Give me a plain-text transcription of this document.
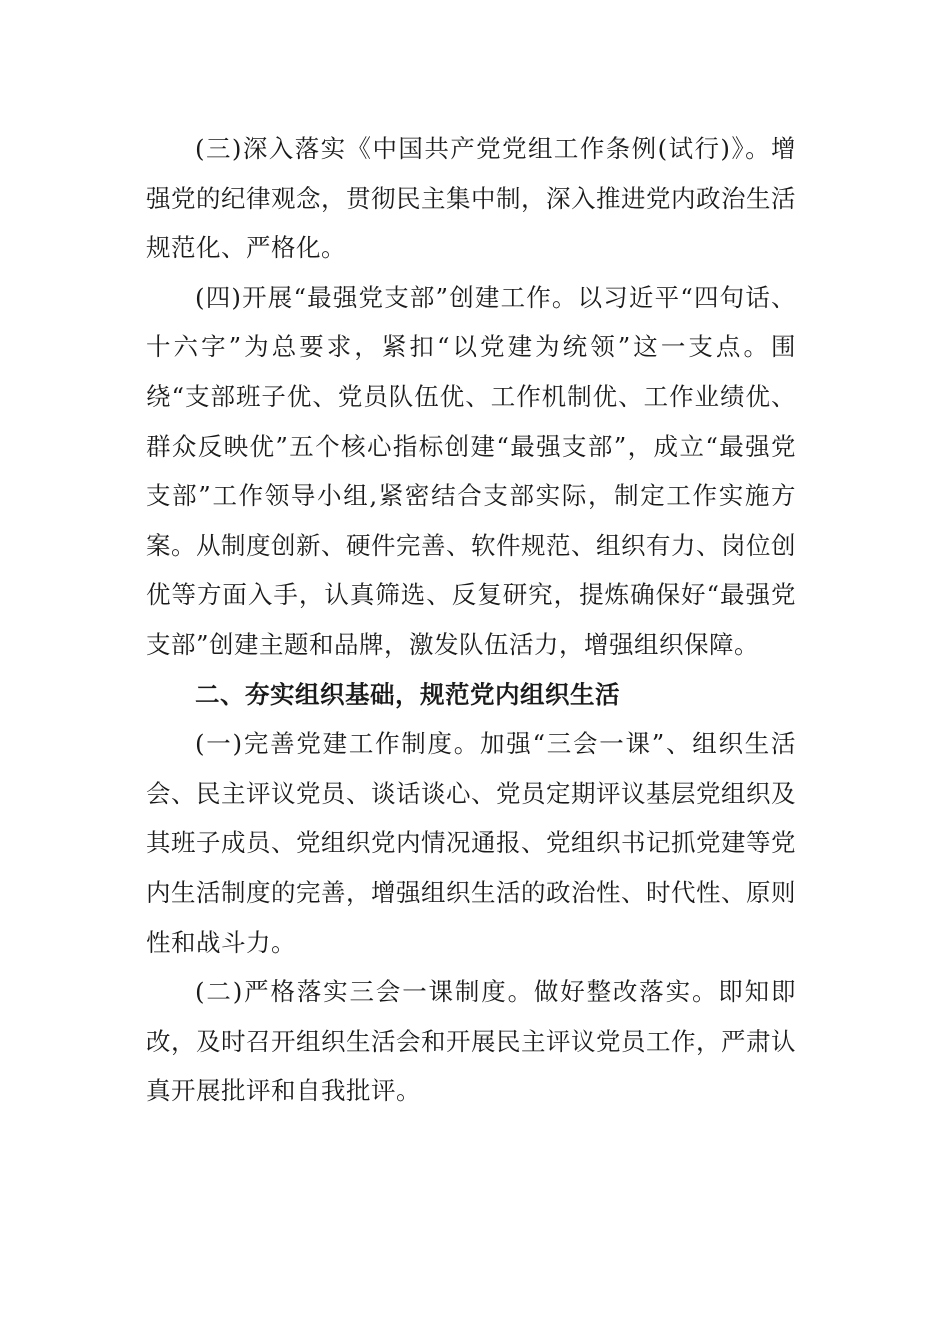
(三)深入落实《中国共产党党组工作条例(试行)》。增强党的纪律观念，贯彻民主集中制，深入推进党内政治生活规范化、严格化。

(四)开展“最强党支部”创建工作。以习近平“四句话、十六字”为总要求，紧扣“以党建为统领”这一支点。围绕“支部班子优、党员队伍优、工作机制优、工作业绩优、群众反映优”五个核心指标创建“最强支部”，成立“最强党支部”工作领导小组,紧密结合支部实际，制定工作实施方案。从制度创新、硬件完善、软件规范、组织有力、岗位创优等方面入手，认真筛选、反复研究，提炼确保好“最强党支部”创建主题和品牌，激发队伍活力，增强组织保障。

二、夯实组织基础，规范党内组织生活

(一)完善党建工作制度。加强“三会一课”、组织生活会、民主评议党员、谈话谈心、党员定期评议基层党组织及其班子成员、党组织党内情况通报、党组织书记抓党建等党内生活制度的完善，增强组织生活的政治性、时代性、原则性和战斗力。

(二)严格落实三会一课制度。做好整改落实。即知即改，及时召开组织生活会和开展民主评议党员工作，严肃认真开展批评和自我批评。
